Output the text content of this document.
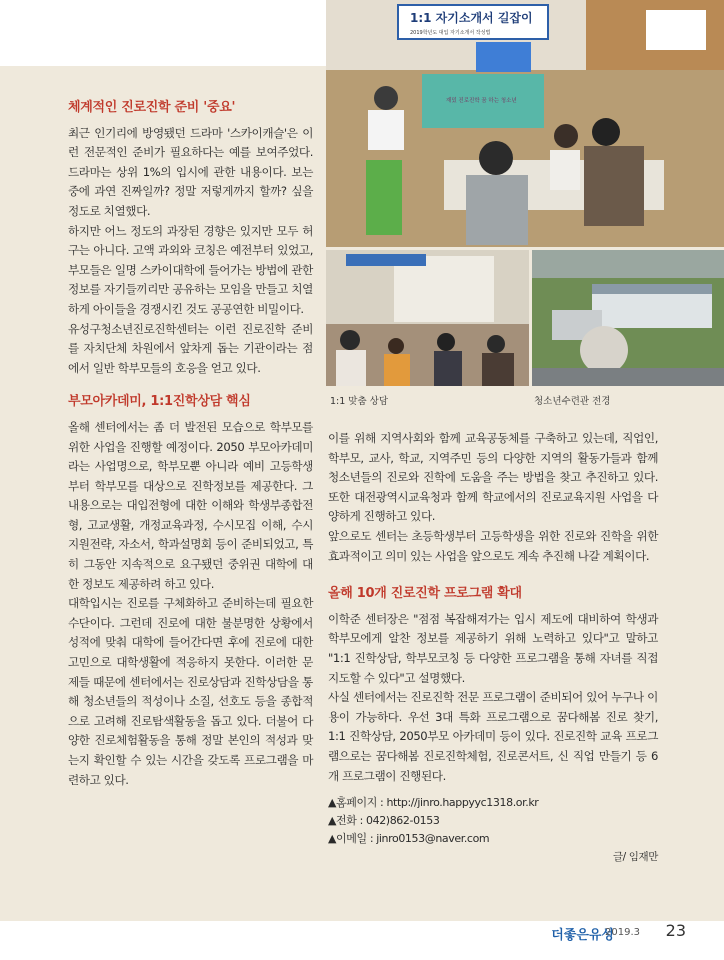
1:1 자기소개서 길잡이
2019학년도 대입 자기소개서 작성법
재밌 진로진학 꿈 하는 청소년
1:1 맞춤 상담	청소년수련관 전경
체계적인 진로진학 준비 '중요'

최근 인기리에 방영됐던 드라마 '스카이캐슬'은 이런 전문적인 준비가 필요하다는 예를 보여주었다. 드라마는 상위 1%의 입시에 관한 내용이다. 보는 중에 과연 진짜일까? 정말 저렇게까지 할까? 싶을 정도로 치열했다.

하지만 어느 정도의 과장된 경향은 있지만 모두 허구는 아니다. 고액 과외와 코칭은 예전부터 있었고, 부모들은 일명 스카이대학에 들어가는 방법에 관한 정보를 자기들끼리만 공유하는 모임을 만들고 치열하게 아이들을 경쟁시킨 것도 공공연한 비밀이다.

유성구청소년진로진학센터는 이런 진로진학 준비를 자치단체 차원에서 앞차게 돕는 기관이라는 점에서 일반 학부모들의 호응을 얻고 있다.

부모아카데미, 1:1진학상담 핵심

올해 센터에서는 좀 더 발전된 모습으로 학부모를 위한 사업을 진행할 예정이다. 2050 부모아카데미라는 사업명으로, 학부모뿐 아니라 예비 고등학생부터 학부모를 대상으로 진학정보를 제공한다. 그 내용으로는 대입전형에 대한 이해와 학생부종합전형, 고교생활, 개정교육과정, 수시모집 이해, 수시지원전략, 자소서, 학과설명회 등이 준비되었고, 특히 그동안 지속적으로 요구됐던 중위권 대학에 대한 정보도 제공하려 하고 있다.

대학입시는 진로를 구체화하고 준비하는데 필요한 수단이다. 그런데 진로에 대한 불분명한 상황에서 성적에 맞춰 대학에 들어간다면 후에 진로에 대한 고민으로 대학생활에 적응하지 못한다. 이러한 문제들 때문에 센터에서는 진로상담과 진학상담을 통해 청소년들의 적성이나 소질, 선호도 등을 종합적으로 고려해 진로탐색활동을 돕고 있다. 더불어 다양한 진로체험활동을 통해 정말 본인의 적성과 맞는지 확인할 수 있는 시간을 갖도록 프로그램을 마련하고 있다.

이를 위해 지역사회와 함께 교육공동체를 구축하고 있는데, 직업인, 학부모, 교사, 학교, 지역주민 등의 다양한 지역의 활동가들과 함께 청소년들의 진로와 진학에 도움을 주는 방법을 찾고 추진하고 있다. 또한 대전광역시교육청과 함께 학교에서의 진로교육지원 사업을 다양하게 진행하고 있다.

앞으로도 센터는 초등학생부터 고등학생을 위한 진로와 진학을 위한 효과적이고 의미 있는 사업을 앞으로도 계속 추진해 나갈 계획이다.

올해 10개 진로진학 프로그램 확대

이학준 센터장은 "점점 복잡해져가는 입시 제도에 대비하여 학생과 학부모에게 알찬 정보를 제공하기 위해 노력하고 있다"고 말하고 "1:1 진학상담, 학부모코칭 등 다양한 프로그램을 통해 자녀를 직접 지도할 수 있다"고 설명했다.

사실 센터에서는 진로진학 전문 프로그램이 준비되어 있어 누구나 이용이 가능하다. 우선 3대 특화 프로그램으로 꿈다해봄 진로 찾기, 1:1 진학상담, 2050부모 아카데미 등이 있다. 진로진학 교육 프로그램으로는 꿈다해봄 진로진학체험, 진로콘서트, 신 직업 만들기 등 6개 프로그램이 진행된다.

▲홈페이지 : http://jinro.happyyc1318.or.kr
▲전화 : 042)862-0153
▲이메일 : jinro0153@naver.com
글/ 임재만
더좋은유성
2019.3 23
